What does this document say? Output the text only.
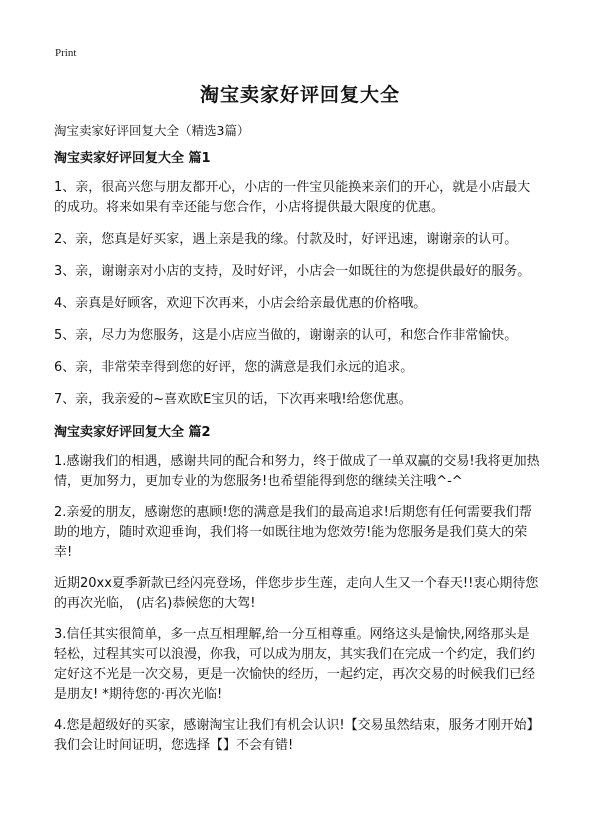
Print
淘宝卖家好评回复大全
淘宝卖家好评回复大全（精选3篇）
淘宝卖家好评回复大全 篇1

1、亲，很高兴您与朋友都开心，小店的一件宝贝能换来亲们的开心，就是小店最大的成功。将来如果有幸还能与您合作，小店将提供最大限度的优惠。

2、亲，您真是好买家，遇上亲是我的缘。付款及时，好评迅速，谢谢亲的认可。

3、亲，谢谢亲对小店的支持，及时好评，小店会一如既往的为您提供最好的服务。

4、亲真是好顾客，欢迎下次再来，小店会给亲最优惠的价格哦。

5、亲，尽力为您服务，这是小店应当做的，谢谢亲的认可，和您合作非常愉快。

6、亲，非常荣幸得到您的好评，您的满意是我们永远的追求。

7、亲，我亲爱的~喜欢欧E宝贝的话，下次再来哦!给您优惠。

淘宝卖家好评回复大全 篇2

1.感谢我们的相遇，感谢共同的配合和努力，终于做成了一单双赢的交易!我将更加热情，更加努力，更加专业的为您服务!也希望能得到您的继续关注哦^-^

2.亲爱的朋友，感谢您的惠顾!您的满意是我们的最高追求!后期您有任何需要我们帮助的地方，随时欢迎垂询，我们将一如既往地为您效劳!能为您服务是我们莫大的荣幸!

近期20xx夏季新款已经闪亮登场，伴您步步生莲，走向人生又一个春天!!衷心期待您的再次光临， (店名)恭候您的大驾!

3.信任其实很简单，多一点互相理解,给一分互相尊重。网络这头是愉快,网络那头是轻松，过程其实可以浪漫，你我，可以成为朋友，其实我们在完成一个约定，我们约定好这不光是一次交易，更是一次愉快的经历，一起约定，再次交易的时候我们已经是朋友! *期待您的·再次光临!

4.您是超级好的买家，感谢淘宝让我们有机会认识!【交易虽然结束，服务才刚开始】我们会让时间证明，您选择【】不会有错!
